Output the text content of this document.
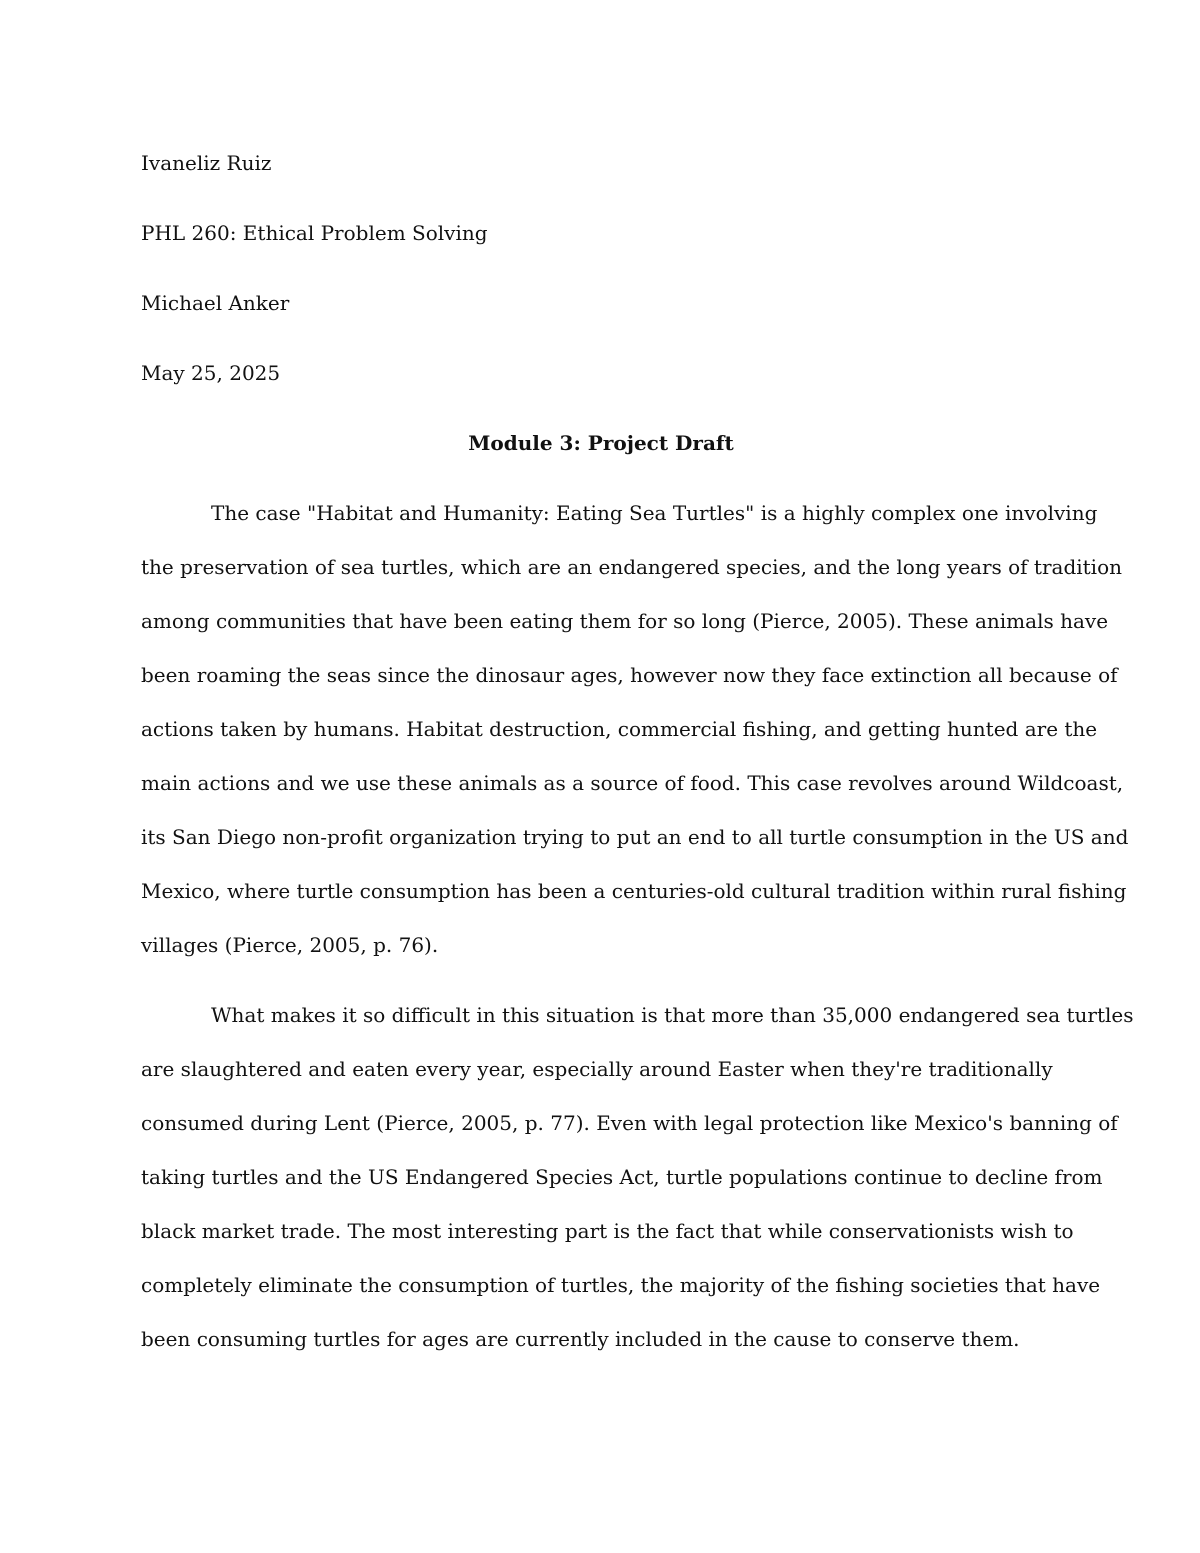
Ivaneliz Ruiz
PHL 260: Ethical Problem Solving
Michael Anker
May 25, 2025
Module 3: Project Draft
The case "Habitat and Humanity: Eating Sea Turtles" is a highly complex one involving
the preservation of sea turtles, which are an endangered species, and the long years of tradition
among communities that have been eating them for so long (Pierce, 2005). These animals have
been roaming the seas since the dinosaur ages, however now they face extinction all because of
actions taken by humans. Habitat destruction, commercial fishing, and getting hunted are the
main actions and we use these animals as a source of food. This case revolves around Wildcoast,
its San Diego non-profit organization trying to put an end to all turtle consumption in the US and
Mexico, where turtle consumption has been a centuries-old cultural tradition within rural fishing
villages (Pierce, 2005, p. 76).
What makes it so difficult in this situation is that more than 35,000 endangered sea turtles
are slaughtered and eaten every year, especially around Easter when they're traditionally
consumed during Lent (Pierce, 2005, p. 77). Even with legal protection like Mexico's banning of
taking turtles and the US Endangered Species Act, turtle populations continue to decline from
black market trade. The most interesting part is the fact that while conservationists wish to
completely eliminate the consumption of turtles, the majority of the fishing societies that have
been consuming turtles for ages are currently included in the cause to conserve them.
